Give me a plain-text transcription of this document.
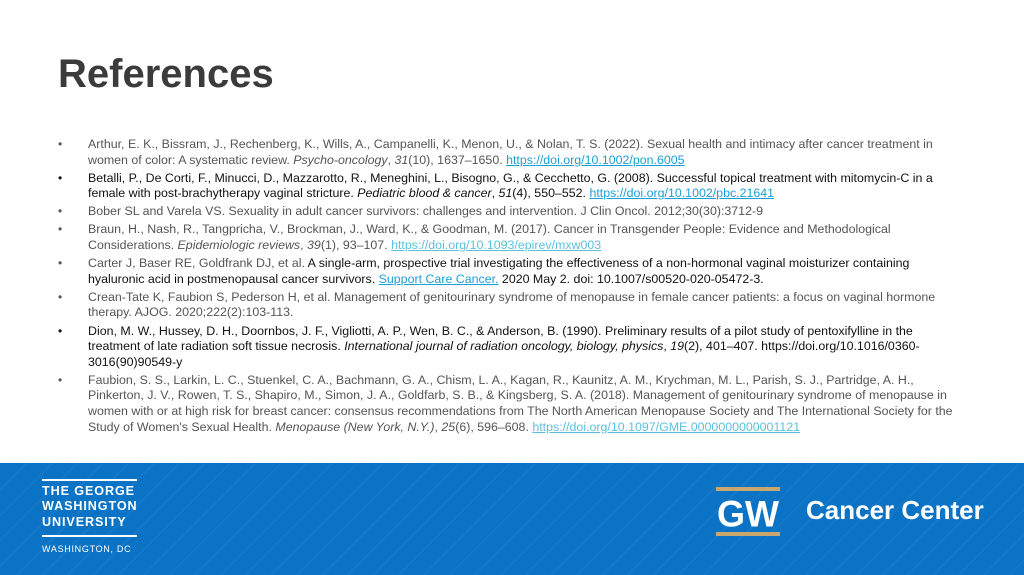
References
• Arthur, E. K., Bissram, J., Rechenberg, K., Wills, A., Campanelli, K., Menon, U., & Nolan, T. S. (2022). Sexual health and intimacy after cancer treatment in women of color: A systematic review. Psycho-oncology, 31(10), 1637–1650. https://doi.org/10.1002/pon.6005
• Betalli, P., De Corti, F., Minucci, D., Mazzarotto, R., Meneghini, L., Bisogno, G., & Cecchetto, G. (2008). Successful topical treatment with mitomycin-C in a female with post-brachytherapy vaginal stricture. Pediatric blood & cancer, 51(4), 550–552. https://doi.org/10.1002/pbc.21641
• Bober SL and Varela VS. Sexuality in adult cancer survivors: challenges and intervention. J Clin Oncol. 2012;30(30):3712-9
• Braun, H., Nash, R., Tangpricha, V., Brockman, J., Ward, K., & Goodman, M. (2017). Cancer in Transgender People: Evidence and Methodological Considerations. Epidemiologic reviews, 39(1), 93–107. https://doi.org/10.1093/epirev/mxw003
• Carter J, Baser RE, Goldfrank DJ, et al. A single-arm, prospective trial investigating the effectiveness of a non-hormonal vaginal moisturizer containing hyaluronic acid in postmenopausal cancer survivors. Support Care Cancer. 2020 May 2. doi: 10.1007/s00520-020-05472-3.
• Crean-Tate K, Faubion S, Pederson H, et al. Management of genitourinary syndrome of menopause in female cancer patients: a focus on vaginal hormone therapy. AJOG. 2020;222(2):103-113.
• Dion, M. W., Hussey, D. H., Doornbos, J. F., Vigliotti, A. P., Wen, B. C., & Anderson, B. (1990). Preliminary results of a pilot study of pentoxifylline in the treatment of late radiation soft tissue necrosis. International journal of radiation oncology, biology, physics, 19(2), 401–407. https://doi.org/10.1016/0360-3016(90)90549-y
• Faubion, S. S., Larkin, L. C., Stuenkel, C. A., Bachmann, G. A., Chism, L. A., Kagan, R., Kaunitz, A. M., Krychman, M. L., Parish, S. J., Partridge, A. H., Pinkerton, J. V., Rowen, T. S., Shapiro, M., Simon, J. A., Goldfarb, S. B., & Kingsberg, S. A. (2018). Management of genitourinary syndrome of menopause in women with or at high risk for breast cancer: consensus recommendations from The North American Menopause Society and The International Society for the Study of Women's Sexual Health. Menopause (New York, N.Y.), 25(6), 596–608. https://doi.org/10.1097/GME.0000000000001121
THE GEORGE
WASHINGTON
UNIVERSITY
WASHINGTON, DC
GW Cancer Center
